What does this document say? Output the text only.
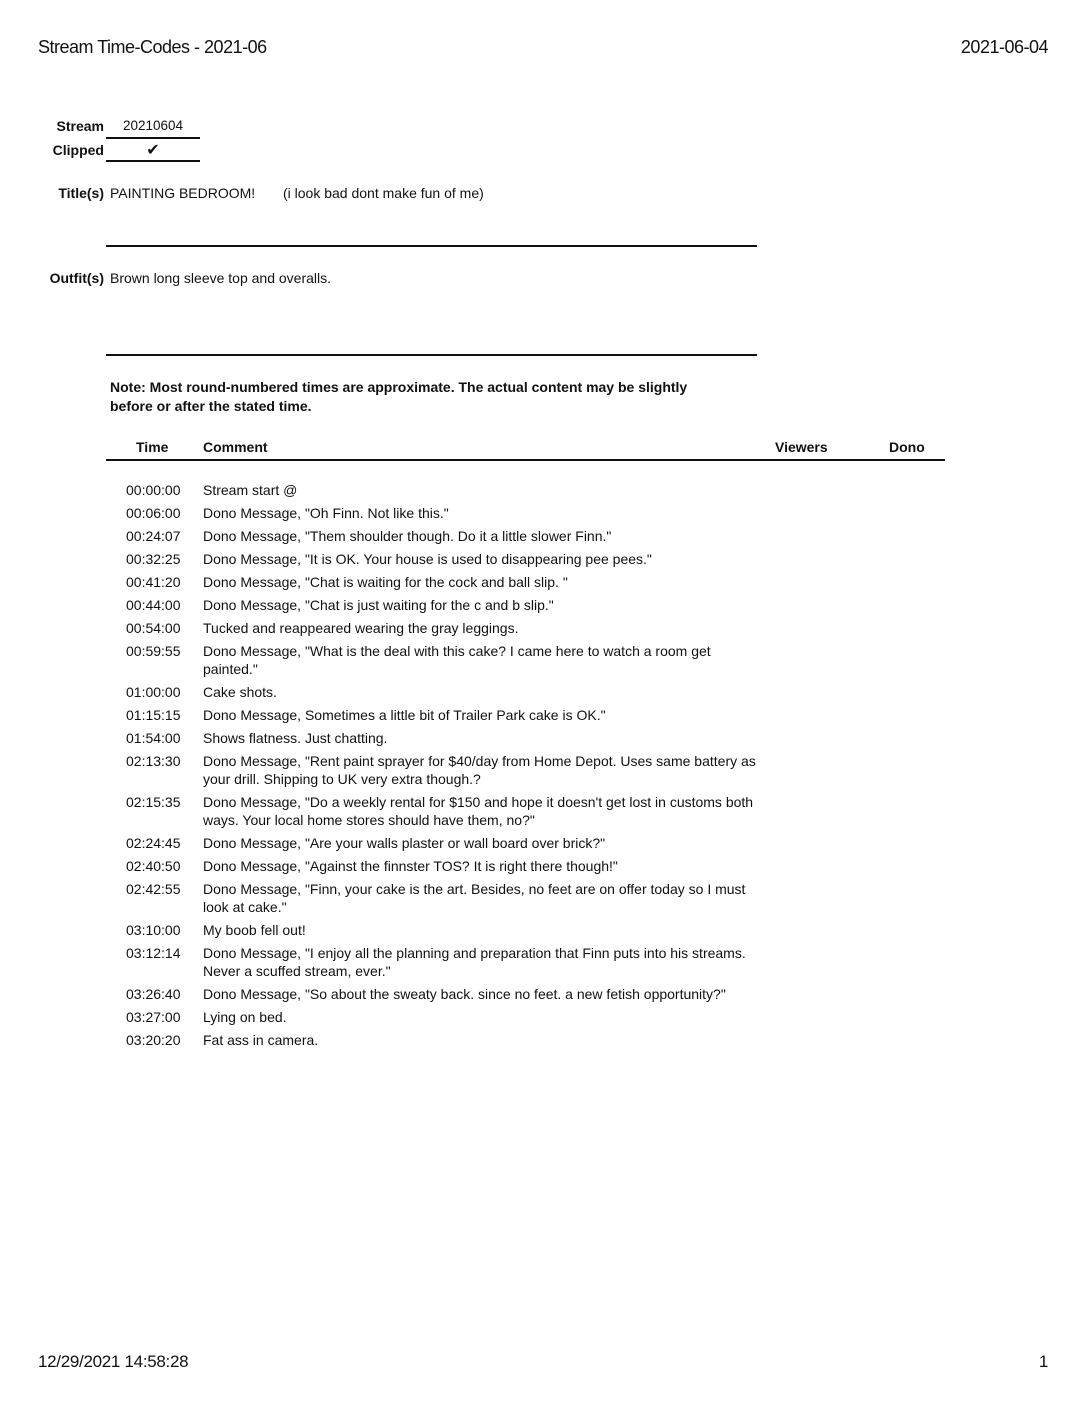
Stream Time-Codes - 2021-06	2021-06-04
Stream	20210604
Clipped	✔
Title(s) PAINTING BEDROOM! (i look bad dont make fun of me)
Outfit(s) Brown long sleeve top and overalls.
Note: Most round-numbered times are approximate. The actual content may be slightly before or after the stated time.
Time Comment	Viewers	Dono
00:00:00	Stream start @
00:06:00	Dono Message, "Oh Finn. Not like this."
00:24:07	Dono Message, "Them shoulder though. Do it a little slower Finn."
00:32:25	Dono Message, "It is OK. Your house is used to disappearing pee pees."
00:41:20	Dono Message, "Chat is waiting for the cock and ball slip. "
00:44:00	Dono Message, "Chat is just waiting for the c and b slip."
00:54:00	Tucked and reappeared wearing the gray leggings.
00:59:55	Dono Message, "What is the deal with this cake? I came here to watch a room get painted."
01:00:00	Cake shots.
01:15:15	Dono Message, Sometimes a little bit of Trailer Park cake is OK."
01:54:00	Shows flatness. Just chatting.
02:13:30	Dono Message, "Rent paint sprayer for $40/day from Home Depot. Uses same battery as your drill. Shipping to UK very extra though.?
02:15:35	Dono Message, "Do a weekly rental for $150 and hope it doesn't get lost in customs both ways. Your local home stores should have them, no?"
02:24:45	Dono Message, "Are your walls plaster or wall board over brick?"
02:40:50	Dono Message, "Against the finnster TOS? It is right there though!"
02:42:55	Dono Message, "Finn, your cake is the art. Besides, no feet are on offer today so I must look at cake."
03:10:00	My boob fell out!
03:12:14	Dono Message, "I enjoy all the planning and preparation that Finn puts into his streams. Never a scuffed stream, ever."
03:26:40	Dono Message, "So about the sweaty back. since no feet. a new fetish opportunity?"
03:27:00	Lying on bed.
03:20:20	Fat ass in camera.
12/29/2021 14:58:28	1
